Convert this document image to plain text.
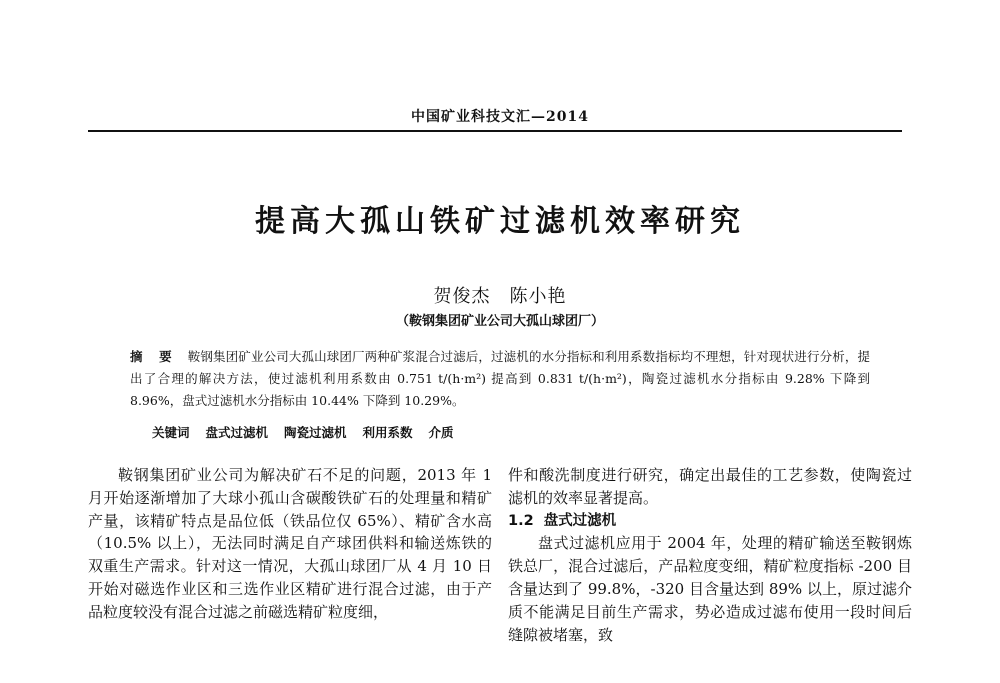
中国矿业科技文汇—2014
提高大孤山铁矿过滤机效率研究
贺俊杰　陈小艳
（鞍钢集团矿业公司大孤山球团厂）
摘 要 鞍钢集团矿业公司大孤山球团厂两种矿浆混合过滤后，过滤机的水分指标和利用系数指标均不理想，针对现状进行分析，提出了合理的解决方法，使过滤机利用系数由 0.751 t/(h·m²) 提高到 0.831 t/(h·m²)，陶瓷过滤机水分指标由 9.28% 下降到 8.96%，盘式过滤机水分指标由 10.44% 下降到 10.29%。
关键词 盘式过滤机 陶瓷过滤机 利用系数 介质

鞍钢集团矿业公司为解决矿石不足的问题，2013 年 1 月开始逐渐增加了大球小孤山含碳酸铁矿石的处理量和精矿产量，该精矿特点是品位低（铁品位仅 65%）、精矿含水高（10.5% 以上），无法同时满足自产球团供料和输送炼铁的双重生产需求。针对这一情况，大孤山球团厂从 4 月 10 日开始对磁选作业区和三选作业区精矿进行混合过滤，由于产品粒度较没有混合过滤之前磁选精矿粒度细，

件和酸洗制度进行研究，确定出最佳的工艺参数，使陶瓷过滤机的效率显著提高。

1.2 盘式过滤机

盘式过滤机应用于 2004 年，处理的精矿输送至鞍钢炼铁总厂，混合过滤后，产品粒度变细，精矿粒度指标 -200 目含量达到了 99.8%，-320 目含量达到 89% 以上，原过滤介质不能满足目前生产需求，势必造成过滤布使用一段时间后缝隙被堵塞，致
